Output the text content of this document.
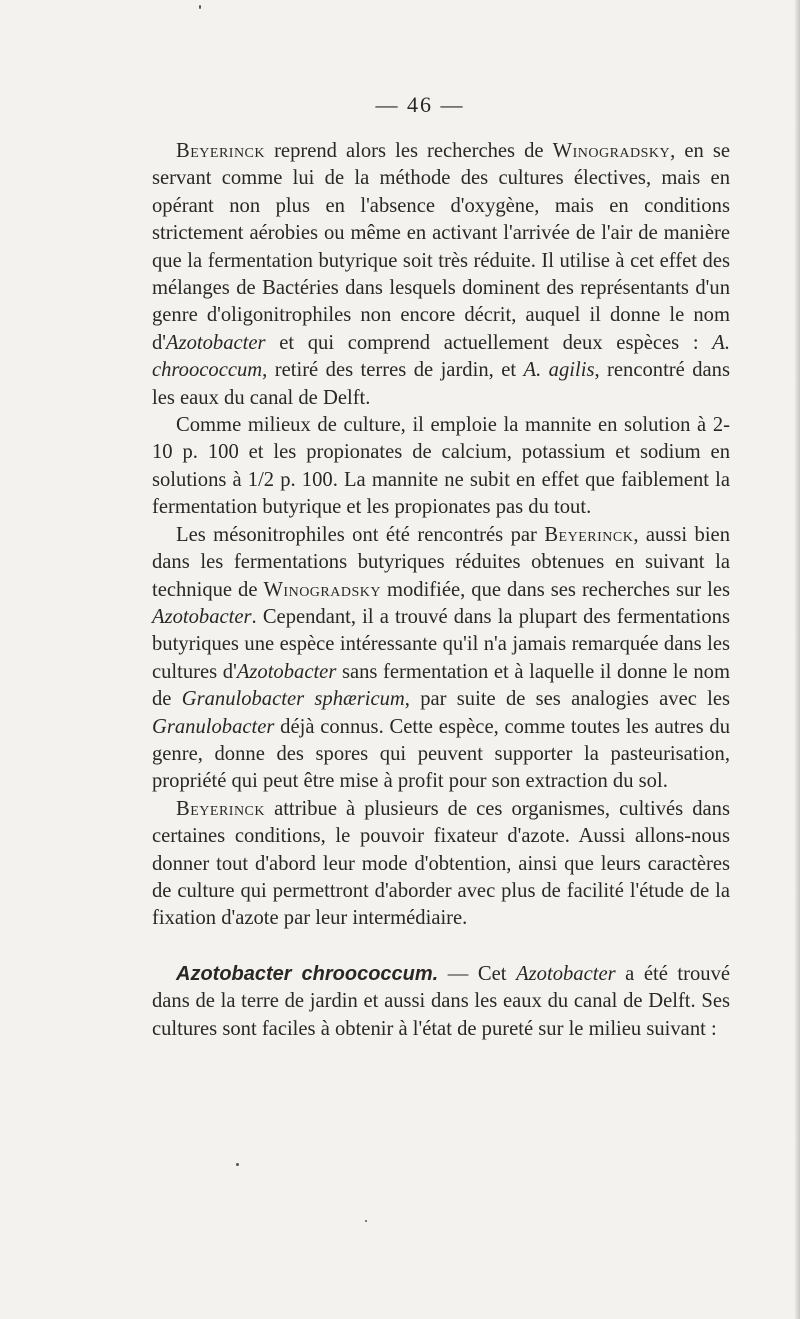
— 46 —

Beyerinck reprend alors les recherches de Winogradsky, en se servant comme lui de la méthode des cultures électives, mais en opérant non plus en l'absence d'oxygène, mais en conditions strictement aérobies ou même en activant l'arrivée de l'air de manière que la fermentation butyrique soit très réduite. Il utilise à cet effet des mélanges de Bactéries dans lesquels dominent des représentants d'un genre d'oligonitrophiles non encore décrit, auquel il donne le nom d'Azotobacter et qui comprend actuellement deux espèces : A. chroococcum, retiré des terres de jardin, et A. agilis, rencontré dans les eaux du canal de Delft.

Comme milieux de culture, il emploie la mannite en solution à 2-10 p. 100 et les propionates de calcium, potassium et sodium en solutions à 1/2 p. 100. La mannite ne subit en effet que faiblement la fermentation butyrique et les propionates pas du tout.

Les mésonitrophiles ont été rencontrés par Beyerinck, aussi bien dans les fermentations butyriques réduites obtenues en suivant la technique de Winogradsky modifiée, que dans ses recherches sur les Azotobacter. Cependant, il a trouvé dans la plupart des fermentations butyriques une espèce intéressante qu'il n'a jamais remarquée dans les cultures d'Azotobacter sans fermentation et à laquelle il donne le nom de Granulobacter sphæricum, par suite de ses analogies avec les Granulobacter déjà connus. Cette espèce, comme toutes les autres du genre, donne des spores qui peuvent supporter la pasteurisation, propriété qui peut être mise à profit pour son extraction du sol.

Beyerinck attribue à plusieurs de ces organismes, cultivés dans certaines conditions, le pouvoir fixateur d'azote. Aussi allons-nous donner tout d'abord leur mode d'obtention, ainsi que leurs caractères de culture qui permettront d'aborder avec plus de facilité l'étude de la fixation d'azote par leur intermédiaire.

Azotobacter chroococcum. — Cet Azotobacter a été trouvé dans de la terre de jardin et aussi dans les eaux du canal de Delft. Ses cultures sont faciles à obtenir à l'état de pureté sur le milieu suivant :
